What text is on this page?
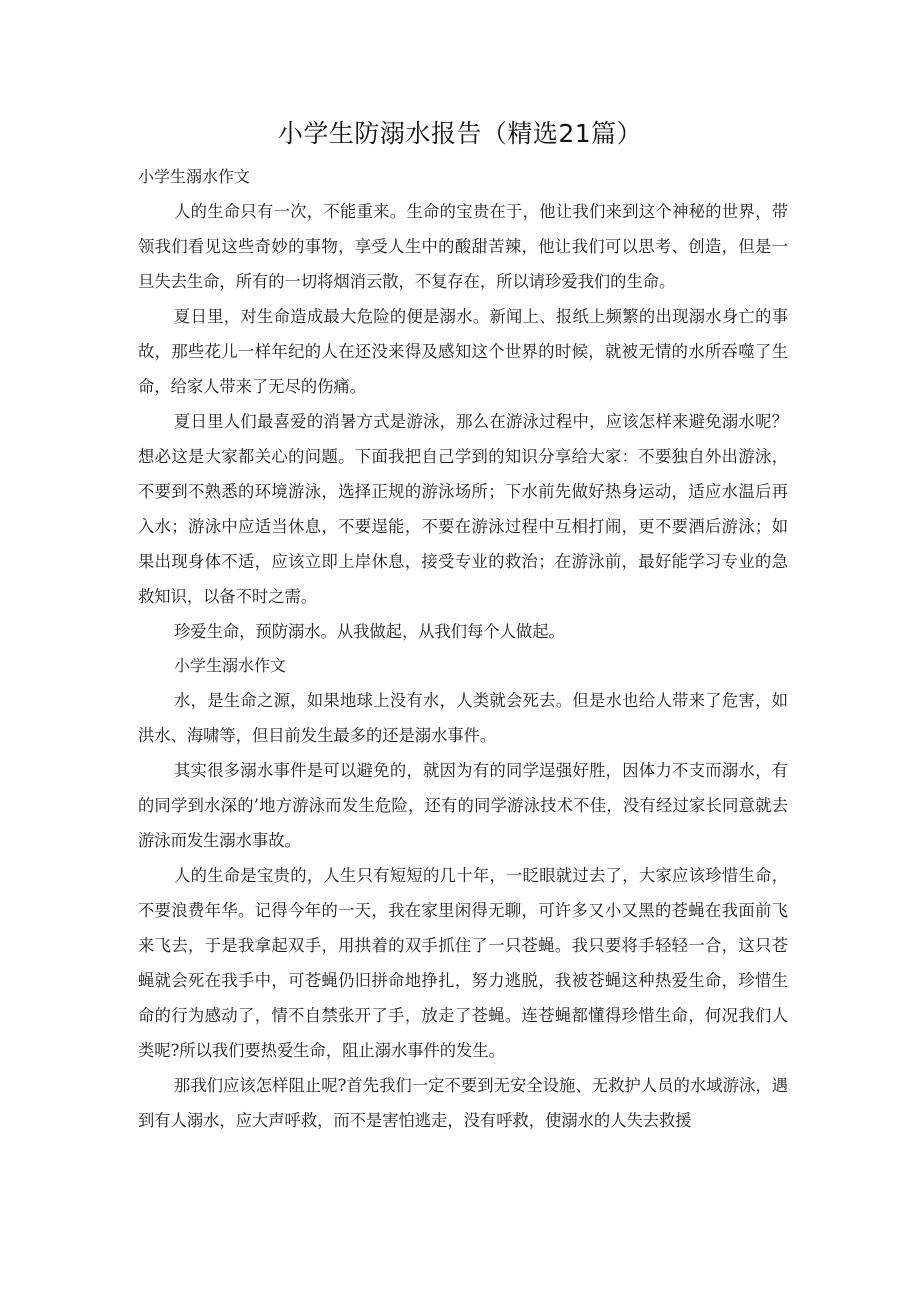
小学生防溺水报告（精选21篇）

小学生溺水作文

人的生命只有一次，不能重来。生命的宝贵在于，他让我们来到这个神秘的世界，带领我们看见这些奇妙的事物，享受人生中的酸甜苦辣，他让我们可以思考、创造，但是一旦失去生命，所有的一切将烟消云散，不复存在，所以请珍爱我们的生命。

夏日里，对生命造成最大危险的便是溺水。新闻上、报纸上频繁的出现溺水身亡的事故，那些花儿一样年纪的人在还没来得及感知这个世界的时候，就被无情的水所吞噬了生命，给家人带来了无尽的伤痛。

夏日里人们最喜爱的消暑方式是游泳，那么在游泳过程中，应该怎样来避免溺水呢？想必这是大家都关心的问题。下面我把自己学到的知识分享给大家：不要独自外出游泳，不要到不熟悉的环境游泳，选择正规的游泳场所；下水前先做好热身运动，适应水温后再入水；游泳中应适当休息，不要逞能，不要在游泳过程中互相打闹，更不要酒后游泳；如果出现身体不适，应该立即上岸休息，接受专业的救治；在游泳前，最好能学习专业的急救知识，以备不时之需。

珍爱生命，预防溺水。从我做起，从我们每个人做起。

小学生溺水作文

水，是生命之源，如果地球上没有水，人类就会死去。但是水也给人带来了危害，如洪水、海啸等，但目前发生最多的还是溺水事件。

其实很多溺水事件是可以避免的，就因为有的同学逞强好胜，因体力不支而溺水，有的同学到水深的’地方游泳而发生危险，还有的同学游泳技术不佳，没有经过家长同意就去游泳而发生溺水事故。

人的生命是宝贵的，人生只有短短的几十年，一眨眼就过去了，大家应该珍惜生命，不要浪费年华。记得今年的一天，我在家里闲得无聊，可许多又小又黑的苍蝇在我面前飞来飞去，于是我拿起双手，用拱着的双手抓住了一只苍蝇。我只要将手轻轻一合，这只苍蝇就会死在我手中，可苍蝇仍旧拼命地挣扎，努力逃脱，我被苍蝇这种热爱生命，珍惜生命的行为感动了，情不自禁张开了手，放走了苍蝇。连苍蝇都懂得珍惜生命，何况我们人类呢?所以我们要热爱生命，阻止溺水事件的发生。

那我们应该怎样阻止呢?首先我们一定不要到无安全设施、无救护人员的水域游泳，遇到有人溺水，应大声呼救，而不是害怕逃走，没有呼救，使溺水的人失去救援
